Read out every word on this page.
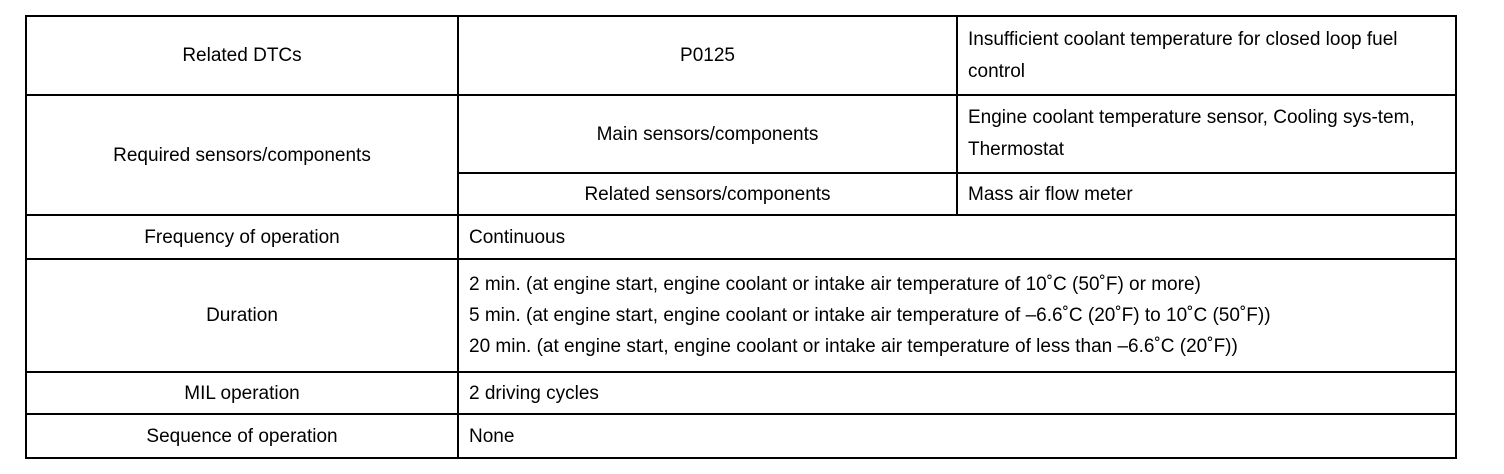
Related DTCs	P0125	Insufficient coolant temperature for closed loop fuel control
Required sensors/components	Main sensors/components	Engine coolant temperature sensor, Cooling sys-tem, Thermostat
	Related sensors/components	Mass air flow meter
Frequency of operation	Continuous	
Duration	2 min. (at engine start, engine coolant or intake air temperature of 10˚C (50˚F) or more)
5 min. (at engine start, engine coolant or intake air temperature of –6.6˚C (20˚F) to 10˚C (50˚F))
20 min. (at engine start, engine coolant or intake air temperature of less than –6.6˚C (20˚F))	

MIL operation	2 driving cycles	
Sequence of operation	None	
